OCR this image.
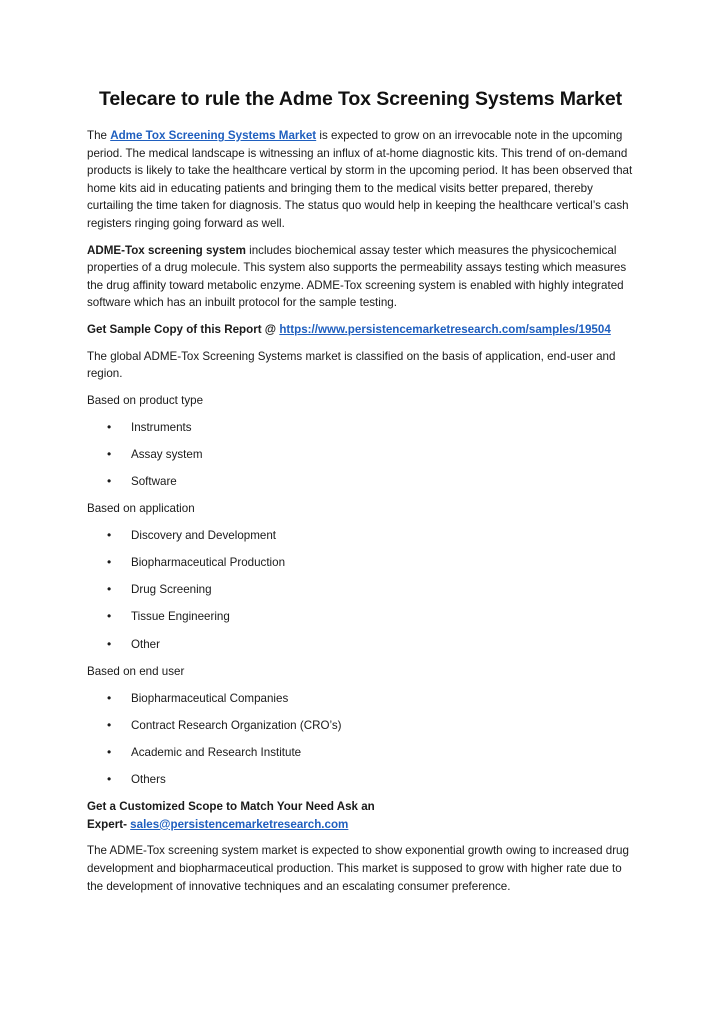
Telecare to rule the Adme Tox Screening Systems Market

The Adme Tox Screening Systems Market is expected to grow on an irrevocable note in the upcoming period. The medical landscape is witnessing an influx of at-home diagnostic kits. This trend of on-demand products is likely to take the healthcare vertical by storm in the upcoming period. It has been observed that home kits aid in educating patients and bringing them to the medical visits better prepared, thereby curtailing the time taken for diagnosis. The status quo would help in keeping the healthcare vertical’s cash registers ringing going forward as well.

ADME-Tox screening system includes biochemical assay tester which measures the physicochemical properties of a drug molecule. This system also supports the permeability assays testing which measures the drug affinity toward metabolic enzyme. ADME-Tox screening system is enabled with highly integrated software which has an inbuilt protocol for the sample testing.

Get Sample Copy of this Report @ https://www.persistencemarketresearch.com/samples/19504

The global ADME-Tox Screening Systems market is classified on the basis of application, end-user and region.

Based on product type

• Instruments
• Assay system
• Software

Based on application

• Discovery and Development
• Biopharmaceutical Production
• Drug Screening
• Tissue Engineering
• Other

Based on end user

• Biopharmaceutical Companies
• Contract Research Organization (CRO’s)
• Academic and Research Institute
• Others

Get a Customized Scope to Match Your Need Ask an
Expert- sales@persistencemarketresearch.com

The ADME-Tox screening system market is expected to show exponential growth owing to increased drug development and biopharmaceutical production. This market is supposed to grow with higher rate due to the development of innovative techniques and an escalating consumer preference.
